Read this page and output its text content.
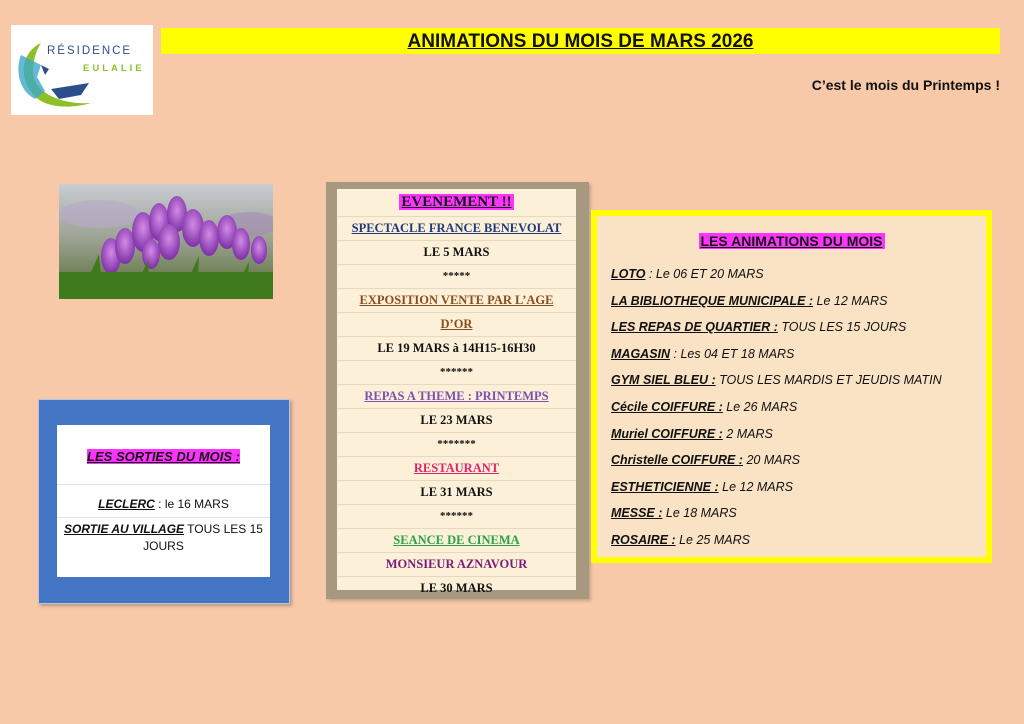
RÉSIDENCE
EULALIE
ANIMATIONS DU MOIS DE MARS 2026
C’est le mois du Printemps !
LES SORTIES DU MOIS :
LECLERC : le 16 MARS
SORTIE AU VILLAGE TOUS LES 15 JOURS
EVENEMENT !!
SPECTACLE FRANCE BENEVOLAT
LE 5 MARS
*****
EXPOSITION VENTE PAR L’AGE
D’OR
LE 19 MARS à 14H15-16H30
******
REPAS A THEME : PRINTEMPS
LE 23 MARS
*******
RESTAURANT
LE 31 MARS
******
SEANCE DE CINEMA
MONSIEUR AZNAVOUR
LE 30 MARS
LES ANIMATIONS DU MOIS
LOTO : Le 06 ET 20 MARS
LA BIBLIOTHEQUE MUNICIPALE : Le 12 MARS
LES REPAS DE QUARTIER : TOUS LES 15 JOURS
MAGASIN : Les 04 ET 18 MARS
GYM SIEL BLEU : TOUS LES MARDIS ET JEUDIS MATIN
Cécile COIFFURE : Le 26 MARS
Muriel COIFFURE : 2 MARS
Christelle COIFFURE : 20 MARS
ESTHETICIENNE : Le 12 MARS
MESSE : Le 18 MARS
ROSAIRE : Le 25 MARS
